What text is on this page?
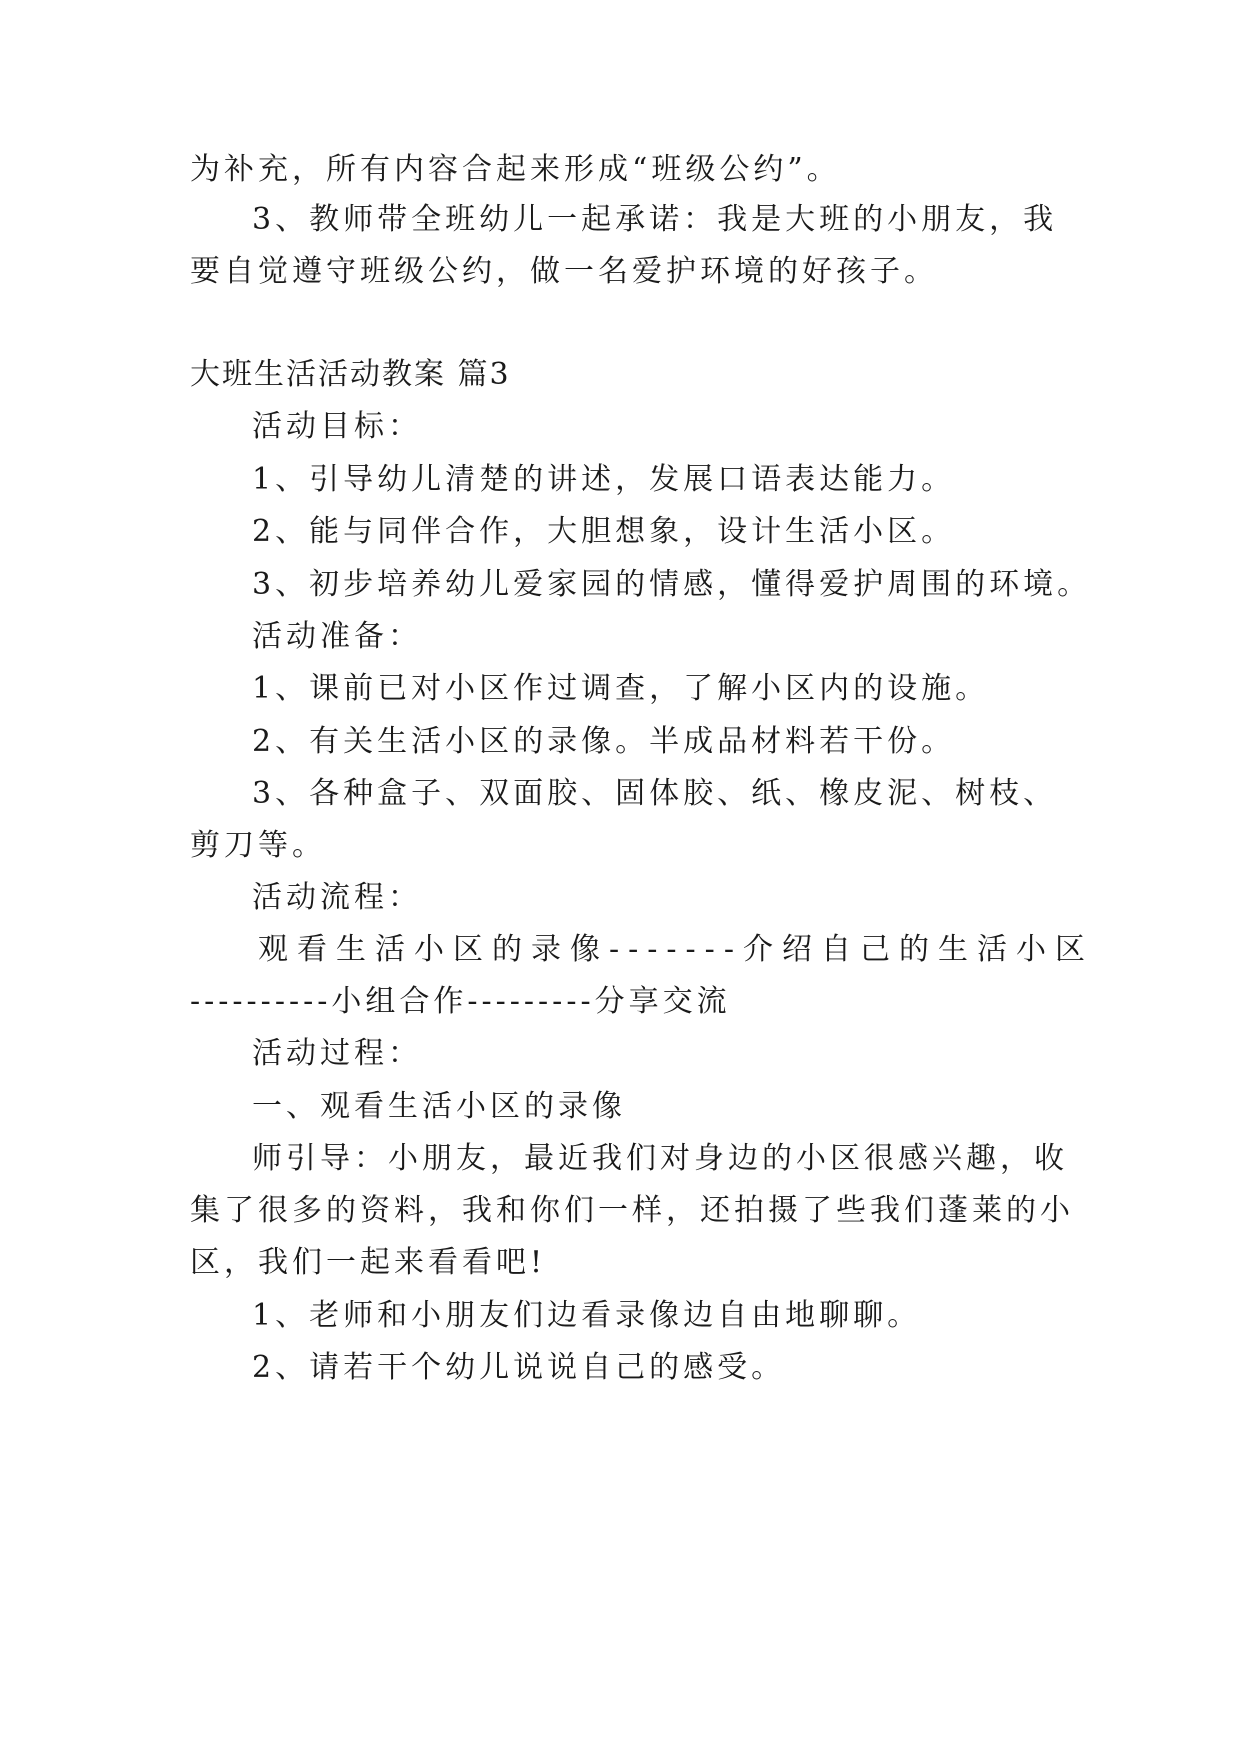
为补充，所有内容合起来形成“班级公约”。
3、教师带全班幼儿一起承诺：我是大班的小朋友，我
要自觉遵守班级公约，做一名爱护环境的好孩子。
大班生活活动教案 篇3
活动目标：
1、引导幼儿清楚的讲述，发展口语表达能力。
2、能与同伴合作，大胆想象，设计生活小区。
3、初步培养幼儿爱家园的情感，懂得爱护周围的环境。
活动准备：
1、课前已对小区作过调查，了解小区内的设施。
2、有关生活小区的录像。半成品材料若干份。
3、各种盒子、双面胶、固体胶、纸、橡皮泥、树枝、
剪刀等。
活动流程：
观看生活小区的录像-------介绍自己的生活小区
----------小组合作---------分享交流
活动过程：
一、观看生活小区的录像
师引导：小朋友，最近我们对身边的小区很感兴趣，收
集了很多的资料，我和你们一样，还拍摄了些我们蓬莱的小
区，我们一起来看看吧!
1、老师和小朋友们边看录像边自由地聊聊。
2、请若干个幼儿说说自己的感受。
